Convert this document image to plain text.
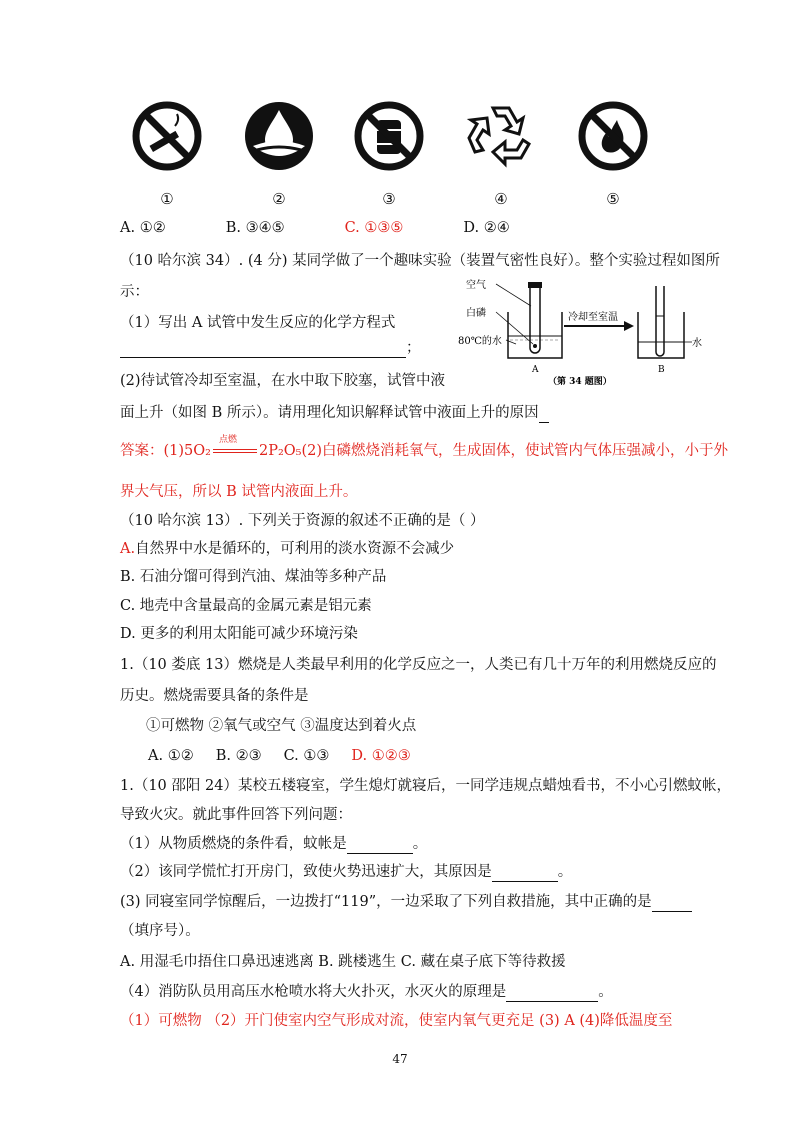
①	②	③	④	⑤
A. ①②	B. ③④⑤	C. ①③⑤	D. ②④
（10 哈尔滨 34）. (4 分) 某同学做了一个趣味实验（装置气密性良好）。整个实验过程如图所
示：
（1）写出 A 试管中发生反应的化学方程式
；
(2)待试管冷却至室温，在水中取下胶塞，试管中液
面上升（如图 B 所示）。请用理化知识解释试管中液面上升的原因
空气
白磷
80℃的水
A
冷却至室温
水
B
（第 34 题图）
答案：(1)5O₂
点燃
2P₂O₅(2)白磷燃烧消耗氧气，生成固体，使试管内气体压强减小，小于外
界大气压，所以 B 试管内液面上升。
（10 哈尔滨 13）. 下列关于资源的叙述不正确的是（ ）
A.自然界中水是循环的，可利用的淡水资源不会减少
B. 石油分馏可得到汽油、煤油等多种产品
C. 地壳中含量最高的金属元素是铝元素
D. 更多的利用太阳能可减少环境污染
1.（10 娄底 13）燃烧是人类最早利用的化学反应之一，人类已有几十万年的利用燃烧反应的
历史。燃烧需要具备的条件是
①可燃物 ②氧气或空气 ③温度达到着火点
A. ①② B. ②③ C. ①③ D. ①②③
1.（10 邵阳 24）某校五楼寝室，学生熄灯就寝后，一同学违规点蜡烛看书，不小心引燃蚊帐，
导致火灾。就此事件回答下列问题：
（1）从物质燃烧的条件看，蚊帐是	。
（2）该同学慌忙打开房门，致使火势迅速扩大，其原因是	。
(3) 同寝室同学惊醒后，一边拨打“119”，一边采取了下列自救措施，其中正确的是
（填序号）。
A. 用湿毛巾捂住口鼻迅速逃离 B. 跳楼逃生 C. 藏在桌子底下等待救援
（4）消防队员用高压水枪喷水将大火扑灭，水灭火的原理是	。
（1）可燃物 （2）开门使室内空气形成对流，使室内氧气更充足 (3) A (4)降低温度至
47
